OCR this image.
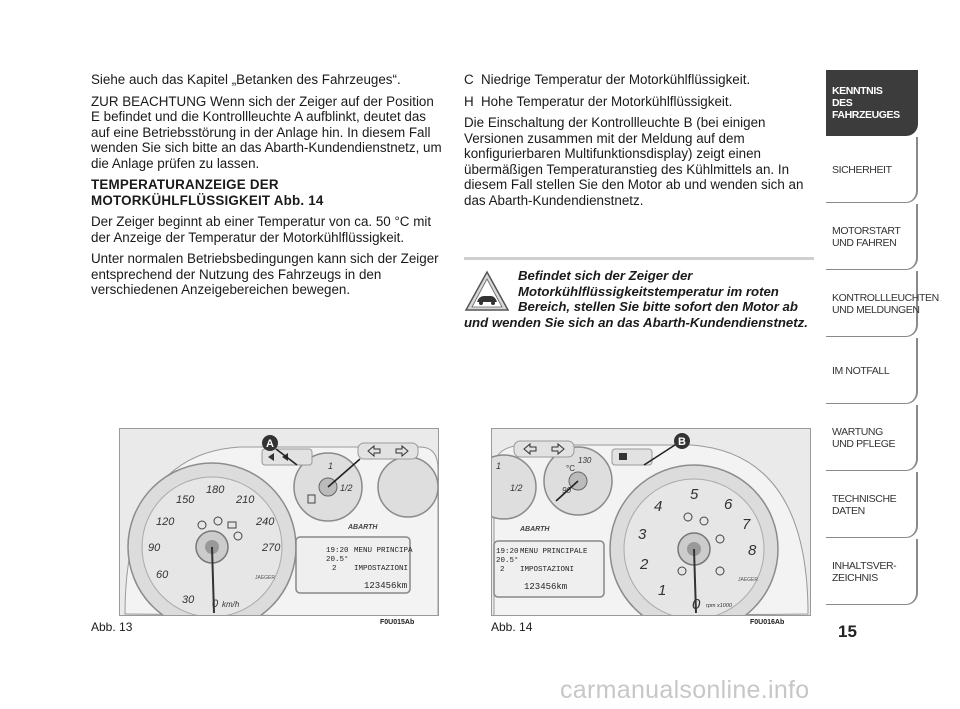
Siehe auch das Kapitel „Betanken des Fahrzeuges“.

ZUR BEACHTUNG Wenn sich der Zeiger auf der Position E befindet und die Kontrollleuchte A aufblinkt, deutet das auf eine Betriebsstörung in der Anlage hin. In diesem Fall wenden Sie sich bitte an das Abarth-Kundendienstnetz, um die Anlage prüfen zu lassen.

TEMPERATURANZEIGE DER MOTORKÜHLFLÜSSIGKEIT Abb. 14

Der Zeiger beginnt ab einer Temperatur von ca. 50 °C mit der Anzeige der Temperatur der Motorkühlflüssigkeit.

Unter normalen Betriebsbedingungen kann sich der Zeiger entsprechend der Nutzung des Fahrzeugs in den verschiedenen Anzeigebereichen bewegen.

C Niedrige Temperatur der Motorkühlflüssigkeit.
H Hohe Temperatur der Motorkühlflüssigkeit.

Die Einschaltung der Kontrollleuchte B (bei einigen Versionen zusammen mit der Meldung auf dem konfigurierbaren Multifunktionsdisplay) zeigt einen übermäßigen Temperaturanstieg des Kühlmittels an. In diesem Fall stellen Sie den Motor ab und wenden sich an das Abarth-Kundendienstnetz.

Befindet sich der Zeiger der Motorkühlflüssigkeitstemperatur im roten Bereich, stellen Sie bitte sofort den Motor ab und wenden Sie sich an das Abarth-Kundendienstnetz.
30
60
90
120
150
180
210
240
270
0 km/h
JAEGER
1
1/2
A
ABARTH
19:20
20.5°
2
MENU PRINCIPA
IMPOSTAZIONI
123456km
Abb. 13	F0U015Ab
1
1/2
°C
90
130
B
0
1
2
3
4
5
6
7
8
rpm x1000
JAEGER
ABARTH
19:20
20.5°
2
MENU PRINCIPALE
IMPOSTAZIONI
123456km
Abb. 14	F0U016Ab
KENNTNIS
DES FAHRZEUGES
SICHERHEIT
MOTORSTART
UND FAHREN
KONTROLLLEUCHTEN
UND MELDUNGEN
IM NOTFALL
WARTUNG
UND PFLEGE
TECHNISCHE DATEN
INHALTSVER-
ZEICHNIS
15
carmanualsonline.info
